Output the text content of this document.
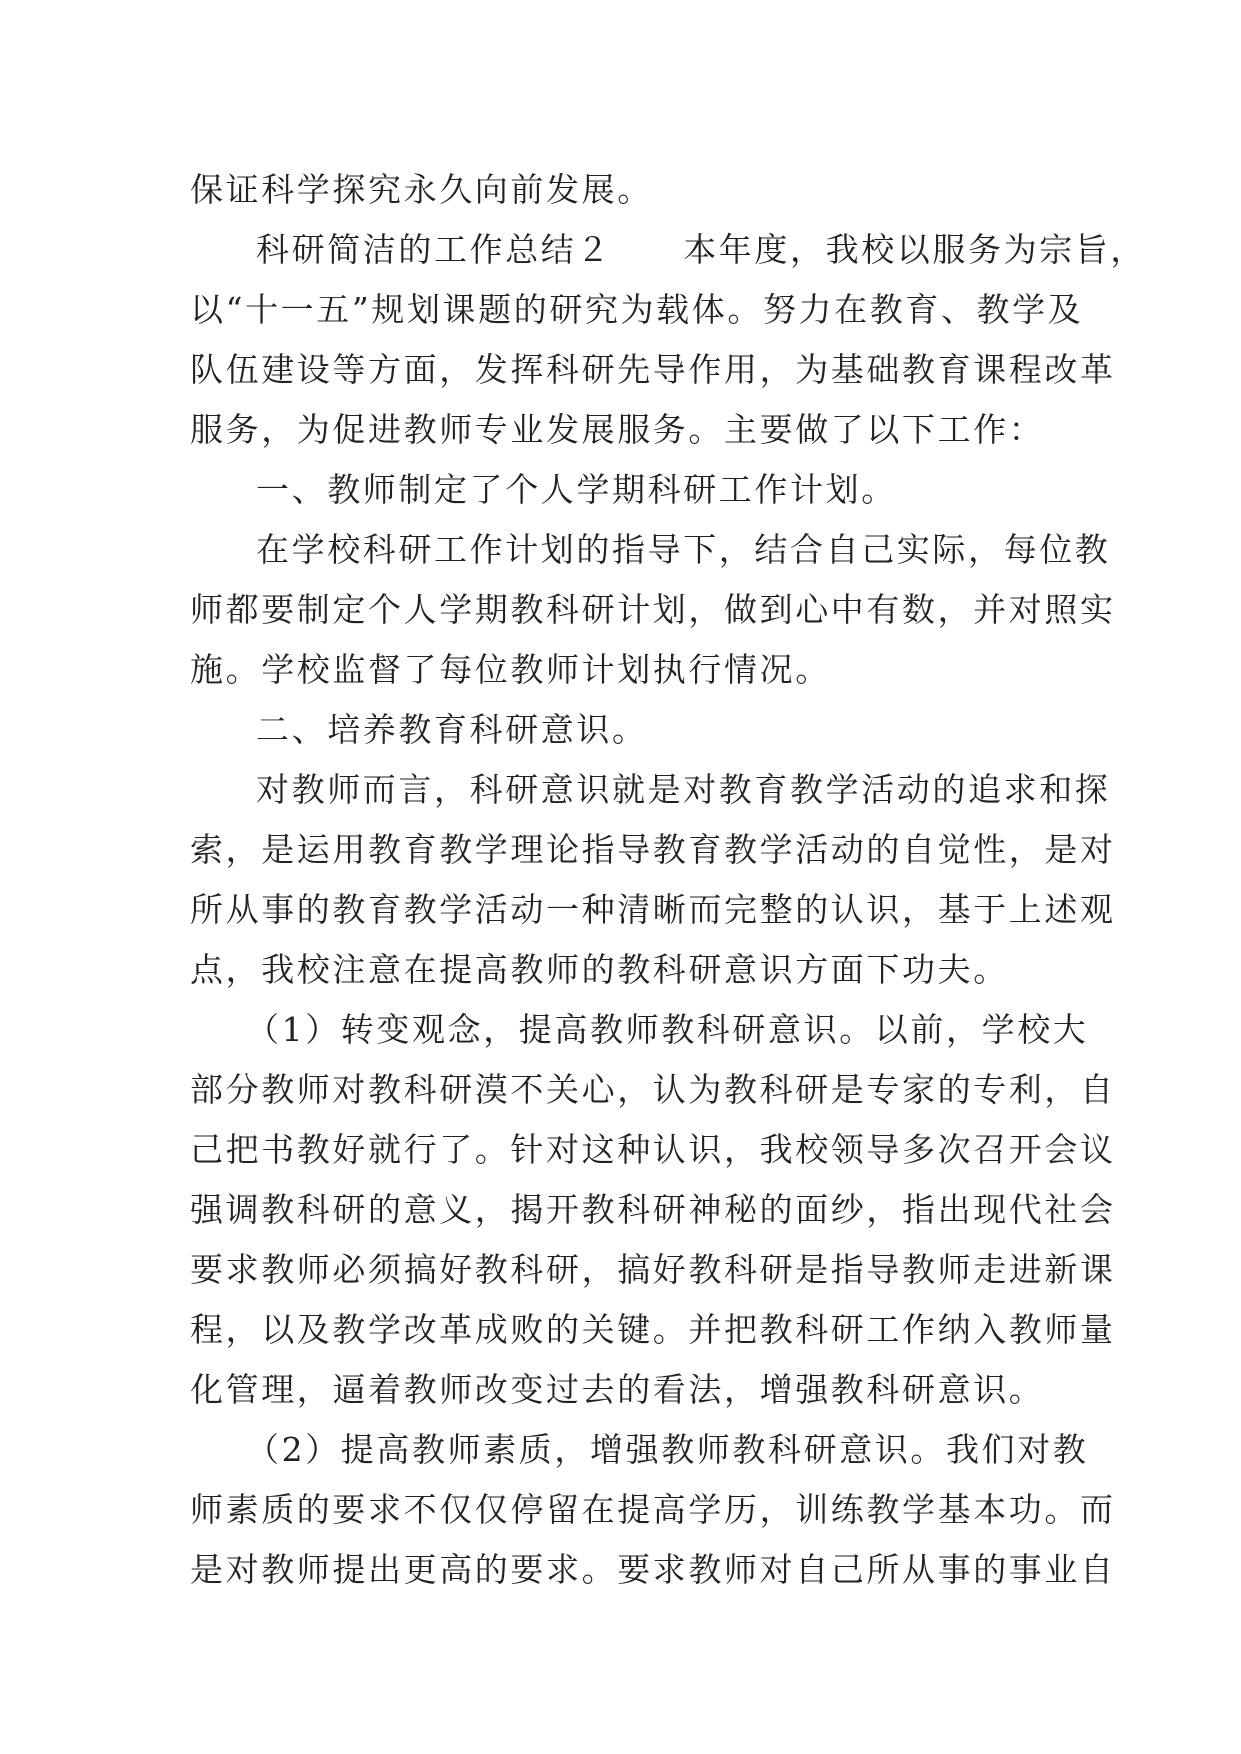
保证科学探究永久向前发展。
科研简洁的工作总结２　　本年度，我校以服务为宗旨，
以“十一五”规划课题的研究为载体。努力在教育、教学及
队伍建设等方面，发挥科研先导作用，为基础教育课程改革
服务，为促进教师专业发展服务。主要做了以下工作：
一、教师制定了个人学期科研工作计划。
在学校科研工作计划的指导下，结合自己实际，每位教
师都要制定个人学期教科研计划，做到心中有数，并对照实
施。学校监督了每位教师计划执行情况。
二、培养教育科研意识。
对教师而言，科研意识就是对教育教学活动的追求和探
索，是运用教育教学理论指导教育教学活动的自觉性，是对
所从事的教育教学活动一种清晰而完整的认识，基于上述观
点，我校注意在提高教师的教科研意识方面下功夫。
（1）转变观念，提高教师教科研意识。以前，学校大
部分教师对教科研漠不关心，认为教科研是专家的专利，自
己把书教好就行了。针对这种认识，我校领导多次召开会议
强调教科研的意义，揭开教科研神秘的面纱，指出现代社会
要求教师必须搞好教科研，搞好教科研是指导教师走进新课
程，以及教学改革成败的关键。并把教科研工作纳入教师量
化管理，逼着教师改变过去的看法，增强教科研意识。
（2）提高教师素质，增强教师教科研意识。我们对教
师素质的要求不仅仅停留在提高学历，训练教学基本功。而
是对教师提出更高的要求。要求教师对自己所从事的事业自
